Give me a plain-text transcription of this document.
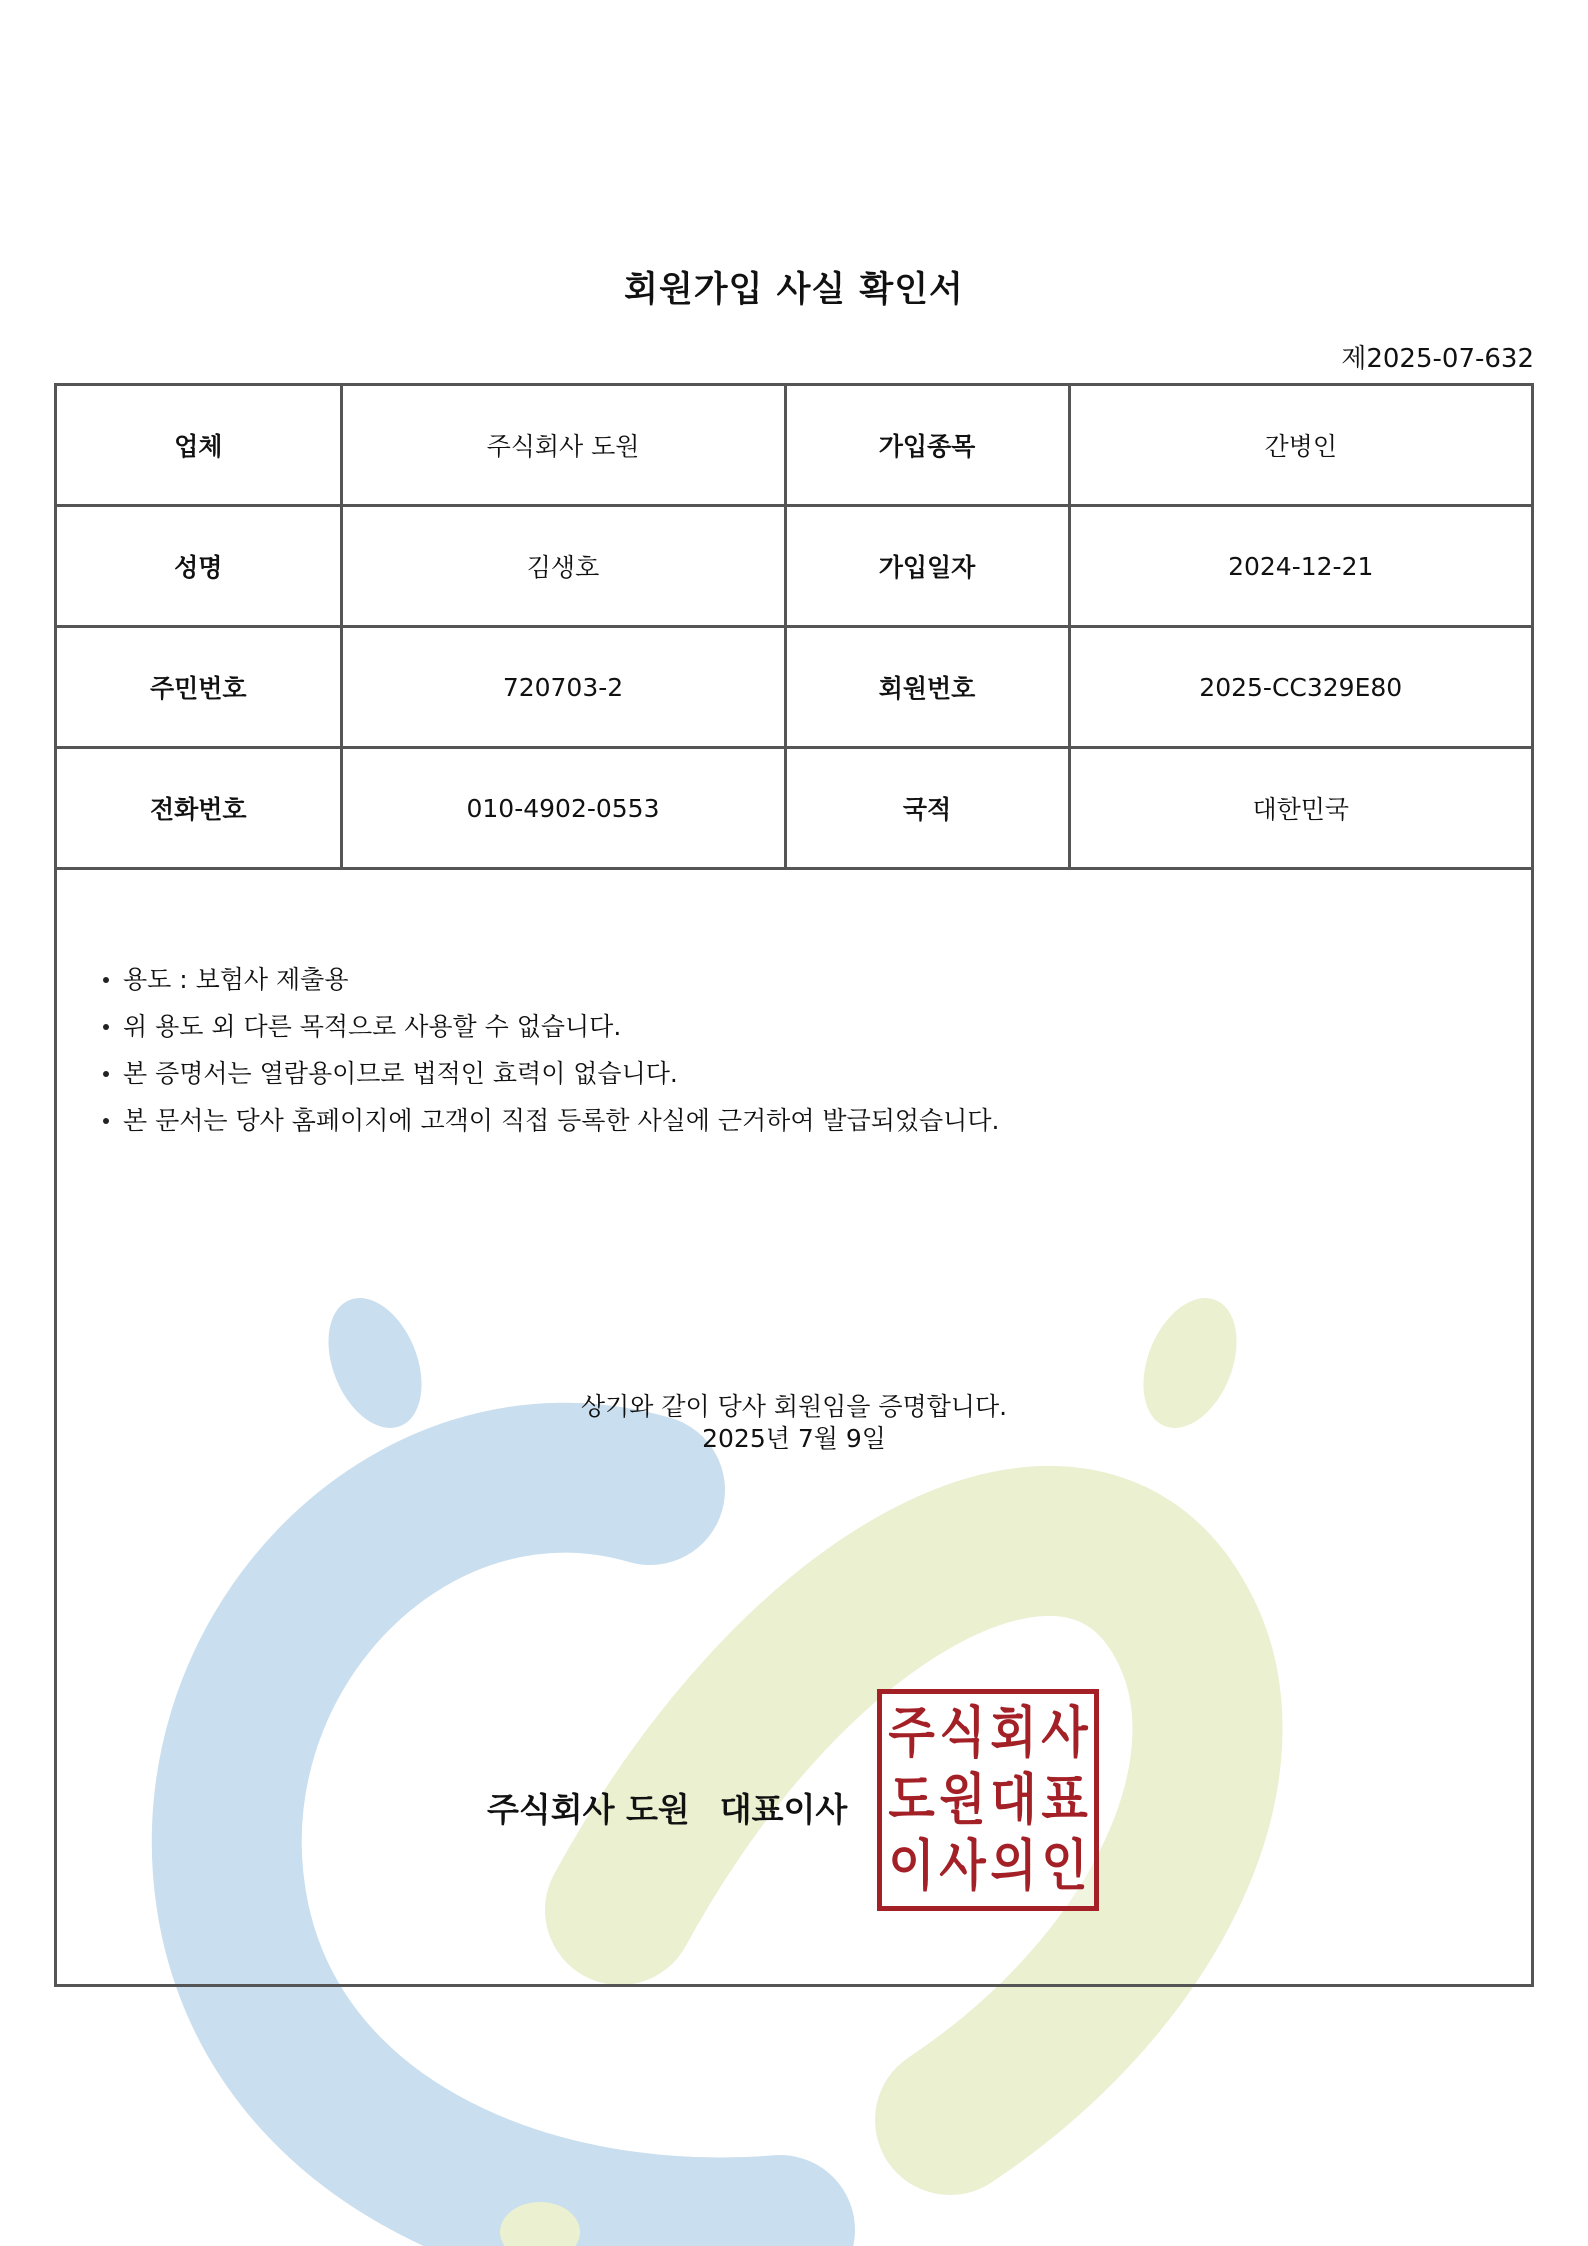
회원가입 사실 확인서
제2025-07-632
업체	주식회사 도원	가입종목	간병인
성명	김생호	가입일자	2024-12-21
주민번호	720703-2	회원번호	2025-CC329E80
전화번호	010-4902-0553	국적	대한민국
용도 : 보험사 제출용
위 용도 외 다른 목적으로 사용할 수 없습니다.
본 증명서는 열람용이므로 법적인 효력이 없습니다.
본 문서는 당사 홈페이지에 고객이 직접 등록한 사실에 근거하여 발급되었습니다.
상기와 같이 당사 회원임을 증명합니다.
2025년 7월 9일
주식회사 도원 대표이사
주 식 회 사
도 원 대 표
이 사 의 인
